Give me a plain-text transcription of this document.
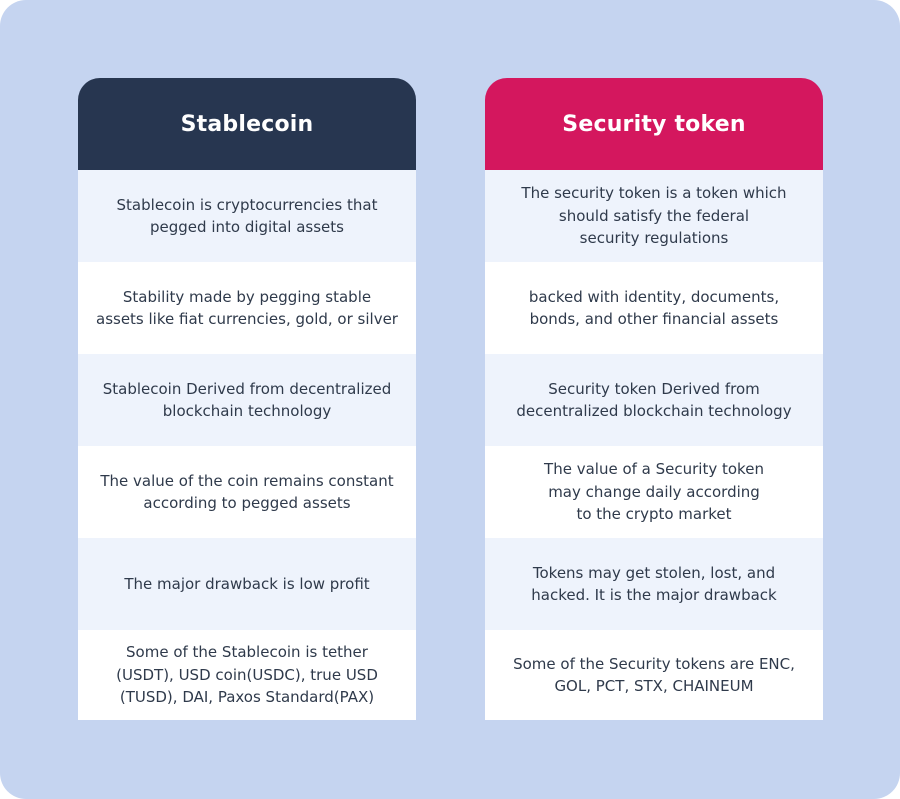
Stablecoin
Stablecoin is cryptocurrencies that
pegged into digital assets
Stability made by pegging stable
assets like fiat currencies, gold, or silver
Stablecoin Derived from decentralized
blockchain technology
The value of the coin remains constant
according to pegged assets
The major drawback is low profit
Some of the Stablecoin is tether
(USDT), USD coin(USDC), true USD
(TUSD), DAI, Paxos Standard(PAX)
Security token
The security token is a token which
should satisfy the federal
security regulations
backed with identity, documents,
bonds, and other financial assets
Security token Derived from
decentralized blockchain technology
The value of a Security token
may change daily according
to the crypto market
Tokens may get stolen, lost, and
hacked. It is the major drawback
Some of the Security tokens are ENC,
GOL, PCT, STX, CHAINEUM
